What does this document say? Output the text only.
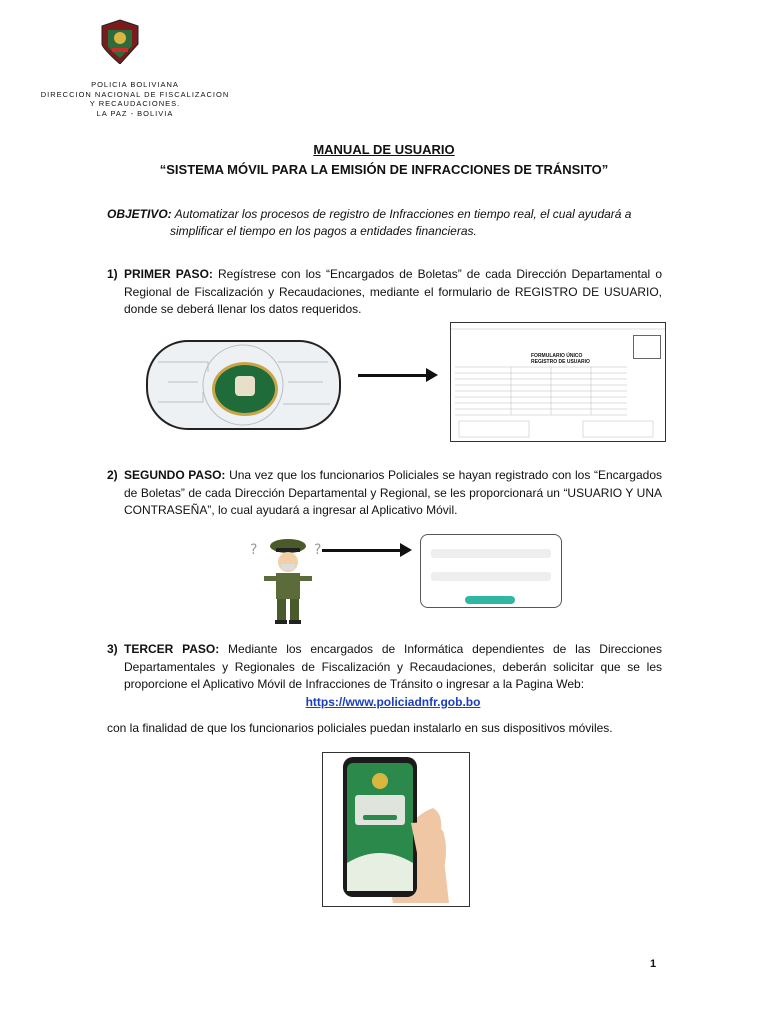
POLICIA BOLIVIANA
DIRECCION NACIONAL DE FISCALIZACION
Y RECAUDACIONES.
LA PAZ - BOLIVIA
MANUAL DE USUARIO
“SISTEMA MÓVIL PARA LA EMISIÓN DE INFRACCIONES DE TRÁNSITO”
OBJETIVO: Automatizar los procesos de registro de Infracciones en tiempo real, el cual ayudará a
simplificar el tiempo en los pagos a entidades financieras.
1) PRIMER PASO: Regístrese con los “Encargados de Boletas” de cada Dirección Departamental o Regional de Fiscalización y Recaudaciones, mediante el formulario de REGISTRO DE USUARIO, donde se deberá llenar los datos requeridos.
FORMULARIO ÚNICO
REGISTRO DE USUARIO
2) SEGUNDO PASO: Una vez que los funcionarios Policiales se hayan registrado con los “Encargados de Boletas” de cada Dirección Departamental y Regional, se les proporcionará un “USUARIO Y UNA CONTRASEÑA”, lo cual ayudará a ingresar al Aplicativo Móvil.
?	?
3) TERCER PASO: Mediante los encargados de Informática dependientes de las Direcciones Departamentales y Regionales de Fiscalización y Recaudaciones, deberán solicitar que se les proporcione el Aplicativo Móvil de Infracciones de Tránsito o ingresar a la Pagina Web:
https://www.policiadnfr.gob.bo
con la finalidad de que los funcionarios policiales puedan instalarlo en sus dispositivos móviles.
1
